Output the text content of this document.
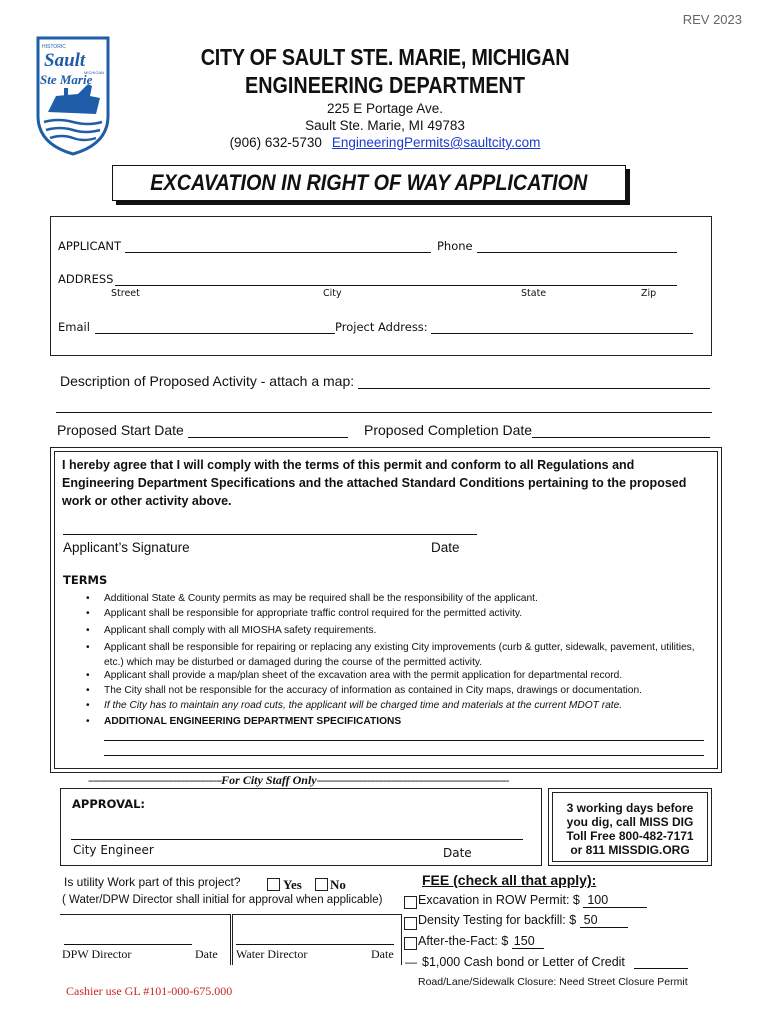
REV 2023
HISTORIC
Sault
Ste Marie
MICHIGAN
CITY OF SAULT STE. MARIE, MICHIGAN
ENGINEERING DEPARTMENT
225 E Portage Ave.
Sault Ste. Marie, MI 49783
(906) 632-5730 EngineeringPermits@saultcity.com
EXCAVATION IN RIGHT OF WAY APPLICATION
APPLICANT	Phone
ADDRESS
Street	City	State	Zip
Email	Project Address:
Description of Proposed Activity - attach a map:
Proposed Start Date	Proposed Completion Date
I hereby agree that I will comply with the terms of this permit and conform to all Regulations and Engineering Department Specifications and the attached Standard Conditions pertaining to the proposed work or other activity above.
Applicant’s Signature	Date
TERMS
• Additional State & County permits as may be required shall be the responsibility of the applicant.
• Applicant shall be responsible for appropriate traffic control required for the permitted activity.
• Applicant shall comply with all MIOSHA safety requirements.
• Applicant shall be responsible for repairing or replacing any existing City improvements (curb & gutter, sidewalk, pavement, utilities, etc.) which may be disturbed or damaged during the course of the permitted activity.
• Applicant shall provide a map/plan sheet of the excavation area with the permit application for departmental record.
• The City shall not be responsible for the accuracy of information as contained in City maps, drawings or documentation.
• If the City has to maintain any road cuts, the applicant will be charged time and materials at the current MDOT rate.
• ADDITIONAL ENGINEERING DEPARTMENT SPECIFICATIONS
--------------------------------------------------For City Staff Only------------------------------------------------------------------------
APPROVAL:
City Engineer	Date
3 working days before you dig, call MISS DIG Toll Free 800-482-7171 or 811 MISSDIG.ORG
Is utility Work part of this project?	Yes No
( Water/DPW Director shall initial for approval when applicable)
DPW Director	Date Water Director	Date
Cashier use GL #101-000-675.000
FEE (check all that apply):
Excavation in ROW Permit: $ 100
Density Testing for backfill: $ 50
After-the-Fact: $ 150
— $1,000 Cash bond or Letter of Credit
Road/Lane/Sidewalk Closure: Need Street Closure Permit
